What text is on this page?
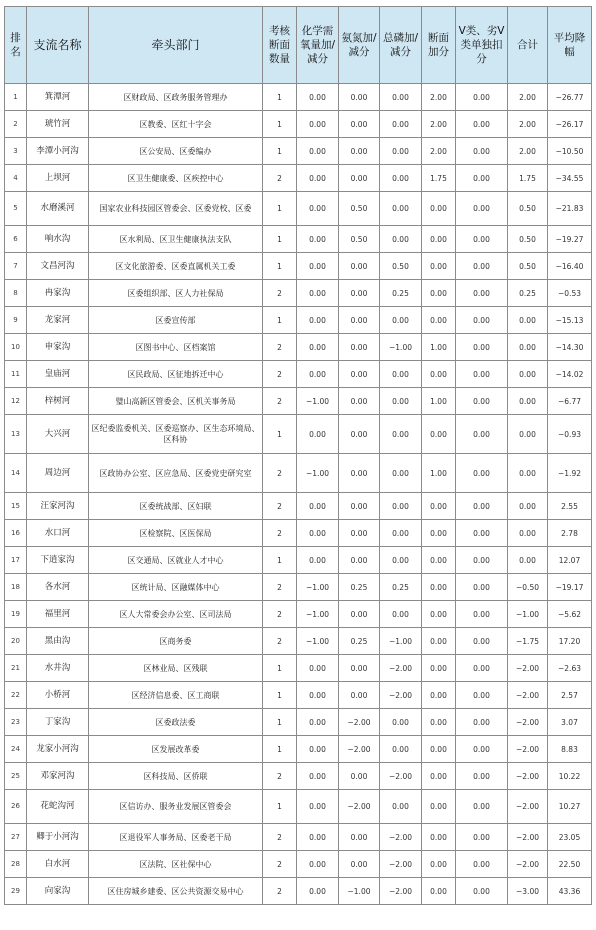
排名	支流名称	牵头部门	考核断面数量	化学需氧量加/减分	氨氮加/减分	总磷加/减分	断面加分	V类、劣V类单独扣分	合计	平均降幅
1	箕潭河	区财政局、区政务服务管理办	1	0.00	0.00	0.00	2.00	0.00	2.00	−26.77
2	琥竹河	区教委、区红十字会	1	0.00	0.00	0.00	2.00	0.00	2.00	−26.17
3	李潭小河沟	区公安局、区委编办	1	0.00	0.00	0.00	2.00	0.00	2.00	−10.50
4	上坝河	区卫生健康委、区疾控中心	2	0.00	0.00	0.00	1.75	0.00	1.75	−34.55
5	水磨溪河	国家农业科技园区管委会、区委党校、区委	1	0.00	0.50	0.00	0.00	0.00	0.50	−21.83
6	响水沟	区水利局、区卫生健康执法支队	1	0.00	0.50	0.00	0.00	0.00	0.50	−19.27
7	文昌河沟	区文化旅游委、区委直属机关工委	1	0.00	0.00	0.50	0.00	0.00	0.50	−16.40
8	冉家沟	区委组织部、区人力社保局	2	0.00	0.00	0.25	0.00	0.00	0.25	−0.53
9	龙家河	区委宣传部	1	0.00	0.00	0.00	0.00	0.00	0.00	−15.13
10	申家沟	区图书中心、区档案馆	2	0.00	0.00	−1.00	1.00	0.00	0.00	−14.30
11	皇庙河	区民政局、区征地拆迁中心	2	0.00	0.00	0.00	0.00	0.00	0.00	−14.02
12	梓树河	璧山高新区管委会、区机关事务局	2	−1.00	0.00	0.00	1.00	0.00	0.00	−6.77
13	大兴河	区纪委监委机关、区委巡察办、区生态环境局、区科协	1	0.00	0.00	0.00	0.00	0.00	0.00	−0.93
14	周边河	区政协办公室、区应急局、区委党史研究室	2	−1.00	0.00	0.00	1.00	0.00	0.00	−1.92
15	汪家河沟	区委统战部、区妇联	2	0.00	0.00	0.00	0.00	0.00	0.00	2.55
16	水口河	区检察院、区医保局	2	0.00	0.00	0.00	0.00	0.00	0.00	2.78
17	下逍家沟	区交通局、区就业人才中心	1	0.00	0.00	0.00	0.00	0.00	0.00	12.07
18	各水河	区统计局、区融媒体中心	2	−1.00	0.25	0.25	0.00	0.00	−0.50	−19.17
19	福里河	区人大常委会办公室、区司法局	2	−1.00	0.00	0.00	0.00	0.00	−1.00	−5.62
20	黑由沟	区商务委	2	−1.00	0.25	−1.00	0.00	0.00	−1.75	17.20
21	水井沟	区林业局、区残联	1	0.00	0.00	−2.00	0.00	0.00	−2.00	−2.63
22	小桥河	区经济信息委、区工商联	1	0.00	0.00	−2.00	0.00	0.00	−2.00	2.57
23	丁家沟	区委政法委	1	0.00	−2.00	0.00	0.00	0.00	−2.00	3.07
24	龙家小河沟	区发展改革委	1	0.00	−2.00	0.00	0.00	0.00	−2.00	8.83
25	邓家河沟	区科技局、区侨联	2	0.00	0.00	−2.00	0.00	0.00	−2.00	10.22
26	花蛇沟河	区信访办、服务业发展区管委会	1	0.00	−2.00	0.00	0.00	0.00	−2.00	10.27
27	卿于小河沟	区退役军人事务局、区委老干局	2	0.00	0.00	−2.00	0.00	0.00	−2.00	23.05
28	白水河	区法院、区社保中心	2	0.00	0.00	−2.00	0.00	0.00	−2.00	22.50
29	向家沟	区住房城乡建委、区公共资源交易中心	2	0.00	−1.00	−2.00	0.00	0.00	−3.00	43.36
